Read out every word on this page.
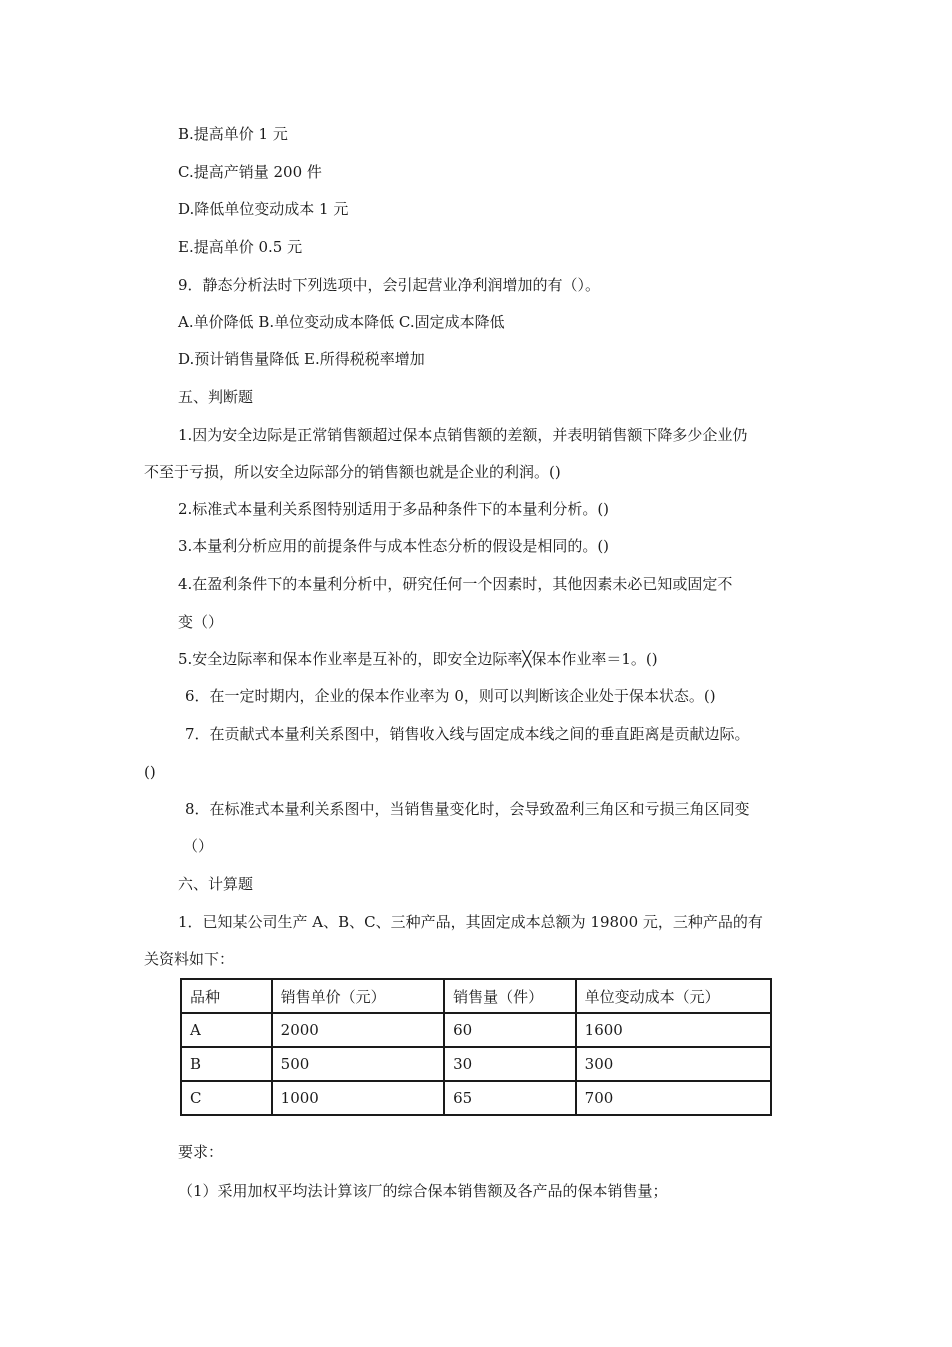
B.提高单价 1 元
C.提高产销量 200 件
D.降低单位变动成本 1 元
E.提高单价 0.5 元
9．静态分析法时下列选项中，会引起营业净利润增加的有（）。
A.单价降低 B.单位变动成本降低 C.固定成本降低
D.预计销售量降低 E.所得税税率增加
五、判断题
1.因为安全边际是正常销售额超过保本点销售额的差额，并表明销售额下降多少企业仍
不至于亏损，所以安全边际部分的销售额也就是企业的利润。()
2.标准式本量利关系图特别适用于多品种条件下的本量利分析。()
3.本量利分析应用的前提条件与成本性态分析的假设是相同的。()
4.在盈利条件下的本量利分析中，研究任何一个因素时，其他因素未必已知或固定不
变（）
5.安全边际率和保本作业率是互补的，即安全边际率╳保本作业率＝1。()
6．在一定时期内，企业的保本作业率为 0，则可以判断该企业处于保本状态。()
7．在贡献式本量利关系图中，销售收入线与固定成本线之间的垂直距离是贡献边际。
()
8．在标准式本量利关系图中，当销售量变化时，会导致盈利三角区和亏损三角区同变
（）
六、计算题
1．已知某公司生产 A、B、C、三种产品，其固定成本总额为 19800 元，三种产品的有
关资料如下：
品种	销售单价（元）	销售量（件）	单位变动成本（元）
A	2000	60	1600
B	500	30	300
C	1000	65	700
要求：
（1）采用加权平均法计算该厂的综合保本销售额及各产品的保本销售量；
